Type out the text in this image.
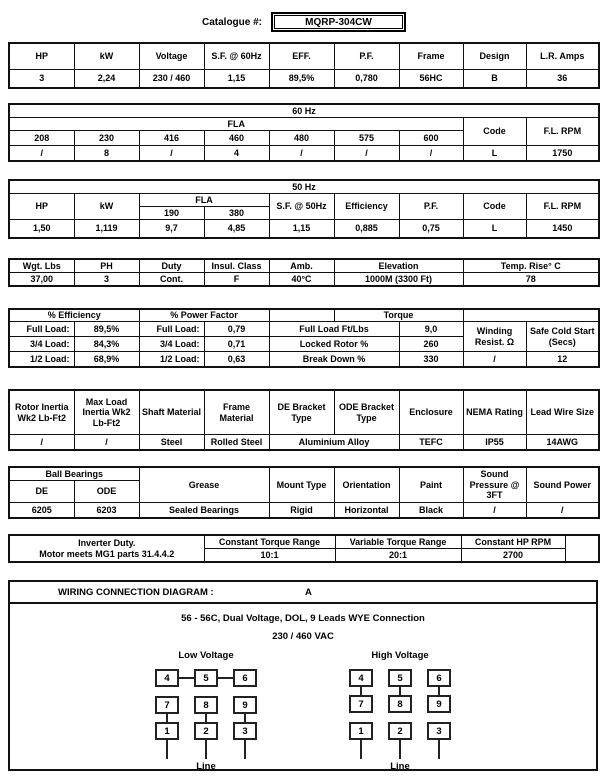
Catalogue #:	MQRP-304CW
HP	kW	Voltage	S.F. @ 60Hz	EFF.	P.F.	Frame	Design	L.R. Amps
3	2,24	230 / 460	1,15	89,5%	0,780	56HC	B	36
60 Hz								
FLA							Code	F.L. RPM
208	230	416	460	480	575	600		
/	8	/	4	/	/	/	L	1750
50 Hz								
HP	kW	FLA		S.F. @ 50Hz	Efficiency	P.F.	Code	F.L. RPM
		190	380					
1,50	1,119	9,7	4,85	1,15	0,885	0,75	L	1450
Wgt. Lbs	PH	Duty	Insul. Class	Amb.	Elevation	Temp. Rise° C
37,00	3	Cont.	F	40°C	1000M (3300 Ft)	78
% Efficiency		% Power Factor			Torque			
Full Load:	89,5%	Full Load:	0,79	Full Load Ft/Lbs		9,0	Winding Resist. Ω	Safe Cold Start (Secs)
3/4 Load:	84,3%	3/4 Load:	0,71	Locked Rotor %		260		
1/2 Load:	68,9%	1/2 Load:	0,63	Break Down %		330	/	12
Rotor Inertia Wk2 Lb-Ft2	Max Load Inertia Wk2 Lb-Ft2	Shaft Material	Frame Material	DE Bracket Type	ODE Bracket Type	Enclosure	NEMA Rating	Lead Wire Size
/	/	Steel	Rolled Steel	Aluminium Alloy		TEFC	IP55	14AWG
Ball Bearings		Grease	Mount Type	Orientation	Paint	Sound Pressure @ 3FT	Sound Power
DE	ODE						
6205	6203	Sealed Bearings	Rigid	Horizontal	Black	/	/
Inverter Duty.
Motor meets MG1 parts 31.4.4.2	Constant Torque Range	Variable Torque Range	Constant HP RPM	
	10:1	20:1	2700	
WIRING CONNECTION DIAGRAM :	A
56 - 56C, Dual Voltage, DOL, 9 Leads WYE Connection
230 / 460 VAC
Low Voltage
4	5	6
7	8	9
1	2	3
Line
High Voltage
4	5	6
7	8	9
1	2	3
Line
